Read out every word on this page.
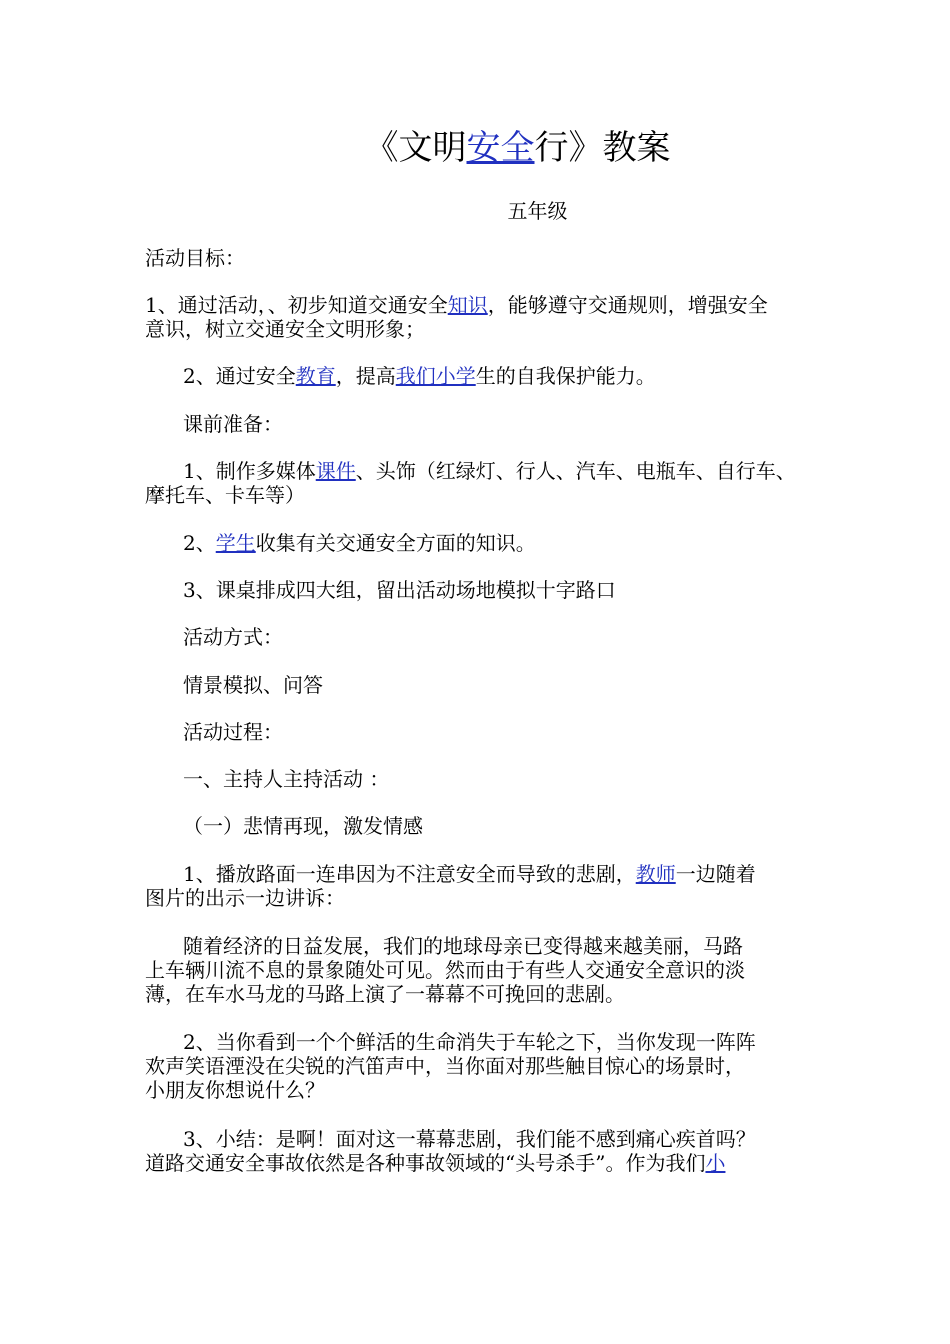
《文明安全行》教案
五年级
活动目标：
1、通过活动，、初步知道交通安全知识，能够遵守交通规则，增强安全
意识，树立交通安全文明形象；
2、通过安全教育，提高我们小学生的自我保护能力。
课前准备：
1、制作多媒体课件、头饰（红绿灯、行人、汽车、电瓶车、自行车、
摩托车、卡车等）
2、学生收集有关交通安全方面的知识。
3、课桌排成四大组，留出活动场地模拟十字路口
活动方式：
情景模拟、问答
活动过程：
一、主持人主持活动 ：
（一）悲情再现，激发情感
1、播放路面一连串因为不注意安全而导致的悲剧，教师一边随着
图片的出示一边讲诉：
随着经济的日益发展，我们的地球母亲已变得越来越美丽，马路
上车辆川流不息的景象随处可见。然而由于有些人交通安全意识的淡
薄，在车水马龙的马路上演了一幕幕不可挽回的悲剧。
2、当你看到一个个鲜活的生命消失于车轮之下，当你发现一阵阵
欢声笑语湮没在尖锐的汽笛声中，当你面对那些触目惊心的场景时，
小朋友你想说什么？
3、小结：是啊！面对这一幕幕悲剧，我们能不感到痛心疾首吗？
道路交通安全事故依然是各种事故领域的“头号杀手”。作为我们小
